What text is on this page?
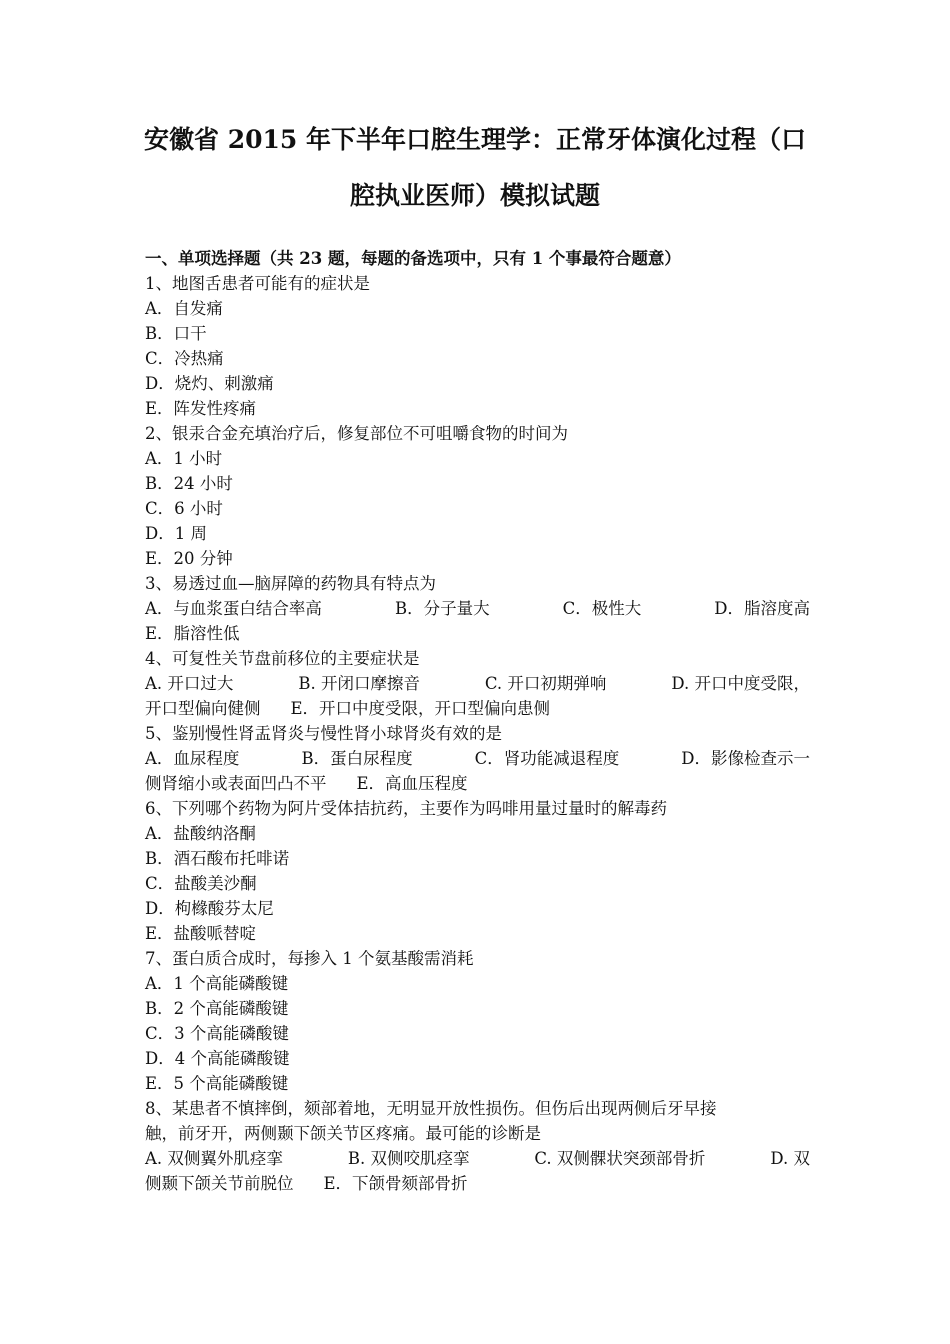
安徽省 2015 年下半年口腔生理学：正常牙体演化过程（口
腔执业医师）模拟试题
一、单项选择题（共 23 题，每题的备选项中，只有 1 个事最符合题意）
1、地图舌患者可能有的症状是
A．自发痛
B．口干
C．冷热痛
D．烧灼、刺激痛
E．阵发性疼痛
2、银汞合金充填治疗后，修复部位不可咀嚼食物的时间为
A．1 小时
B．24 小时
C．6 小时
D．1 周
E．20 分钟
3、易透过血—脑屏障的药物具有特点为
A．与血浆蛋白结合率高	B．分子量大	C．极性大	D．脂溶度高
E．脂溶性低
4、可复性关节盘前移位的主要症状是
A. 开口过大	B. 开闭口摩擦音	C. 开口初期弹响	D. 开口中度受限，
开口型偏向健侧 E．开口中度受限，开口型偏向患侧
5、鉴别慢性肾盂肾炎与慢性肾小球肾炎有效的是
A．血尿程度	B．蛋白尿程度	C．肾功能减退程度	D．影像检查示一
侧肾缩小或表面凹凸不平 E．高血压程度
6、下列哪个药物为阿片受体拮抗药，主要作为吗啡用量过量时的解毒药
A．盐酸纳洛酮
B．酒石酸布托啡诺
C．盐酸美沙酮
D．枸橼酸芬太尼
E．盐酸哌替啶
7、蛋白质合成时，每掺入 1 个氨基酸需消耗
A．1 个高能磷酸键
B．2 个高能磷酸键
C．3 个高能磷酸键
D．4 个高能磷酸键
E．5 个高能磷酸键
8、某患者不慎摔倒，颏部着地，无明显开放性损伤。但伤后出现两侧后牙早接
触，前牙开，两侧颞下颌关节区疼痛。最可能的诊断是
A. 双侧翼外肌痉挛	B. 双侧咬肌痉挛	C. 双侧髁状突颈部骨折	D. 双
侧颞下颌关节前脱位 E．下颌骨颏部骨折
